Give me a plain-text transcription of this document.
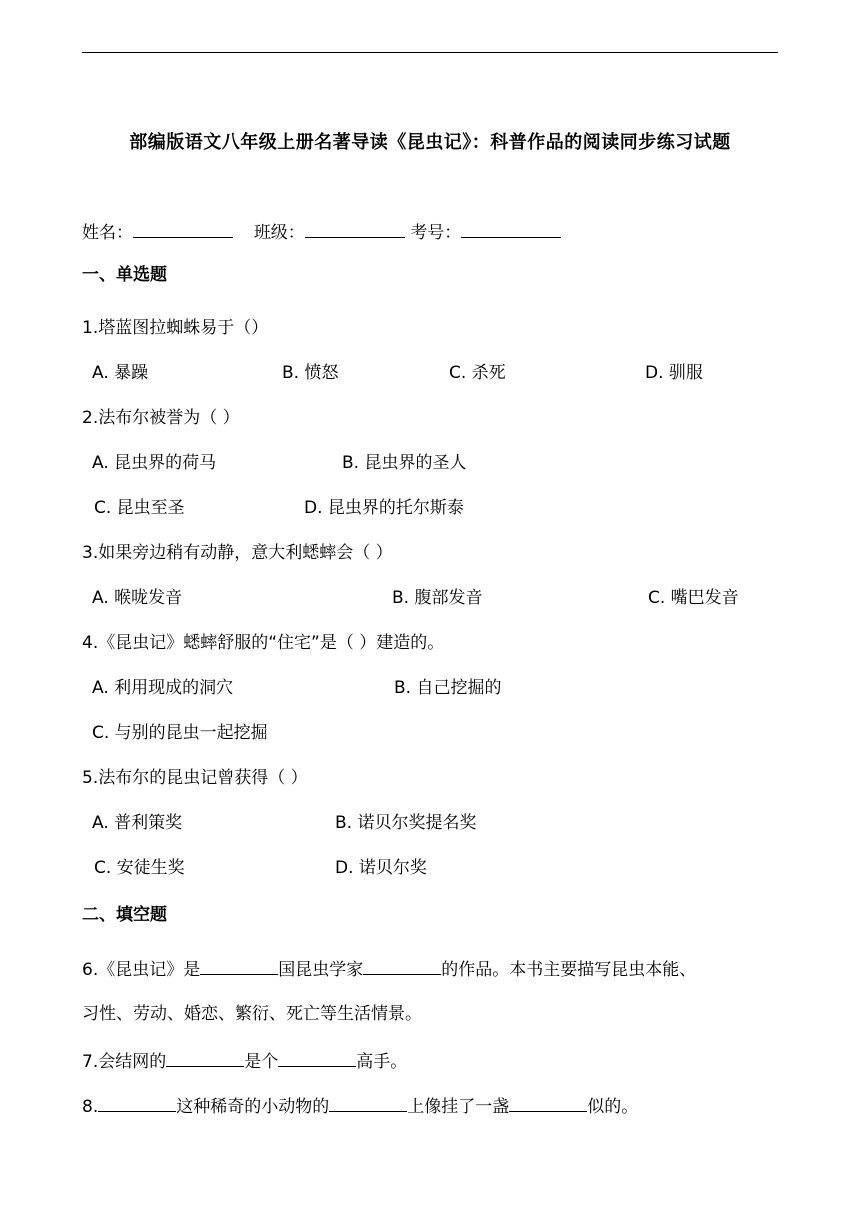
部编版语文八年级上册名著导读《昆虫记》：科普作品的阅读同步练习试题
姓名：	班级：	考号：
一、单选题
1.塔蓝图拉蜘蛛易于（）
A. 暴躁	B. 愤怒	C. 杀死	D. 驯服
2.法布尔被誉为（ ）
A. 昆虫界的荷马	B. 昆虫界的圣人
C. 昆虫至圣	D. 昆虫界的托尔斯泰
3.如果旁边稍有动静，意大利蟋蟀会（ ）
A. 喉咙发音	B. 腹部发音	C. 嘴巴发音
4.《昆虫记》蟋蟀舒服的“住宅”是（ ）建造的。
A. 利用现成的洞穴	B. 自己挖掘的
C. 与别的昆虫一起挖掘
5.法布尔的昆虫记曾获得（ ）
A. 普利策奖	B. 诺贝尔奖提名奖
C. 安徒生奖	D. 诺贝尔奖
二、填空题
6.《昆虫记》是	国昆虫学家	的作品。本书主要描写昆虫本能、
习性、劳动、婚恋、繁衍、死亡等生活情景。
7.会结网的	是个	高手。
8.	这种稀奇的小动物的	上像挂了一盏	似的。
